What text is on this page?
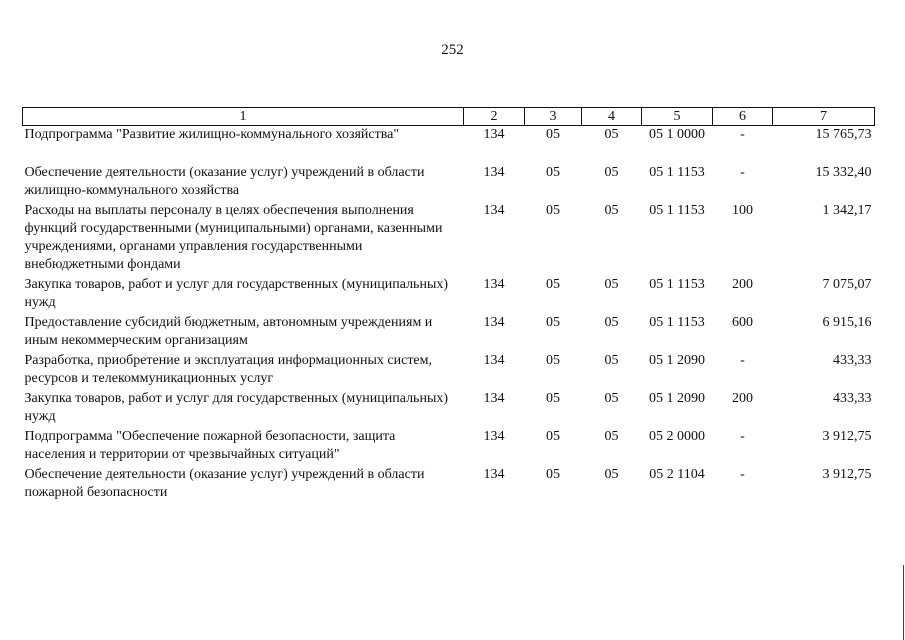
252
1	2	3	4	5	6	7
Подпрограмма "Развитие жилищно-коммунального хозяйства"	134	05	05	05 1 0000	-	15 765,73
Обеспечение деятельности (оказание услуг) учреждений в области жилищно-коммунального хозяйства	134	05	05	05 1 1153	-	15 332,40
Расходы на выплаты персоналу в целях обеспечения выполнения функций государственными (муниципальными) органами, казенными учреждениями, органами управления государственными внебюджетными фондами	134	05	05	05 1 1153	100	1 342,17
Закупка товаров, работ и услуг для государственных (муниципальных) нужд	134	05	05	05 1 1153	200	7 075,07
Предоставление субсидий бюджетным, автономным учреждениям и иным некоммерческим организациям	134	05	05	05 1 1153	600	6 915,16
Разработка, приобретение и эксплуатация информационных систем, ресурсов и телекоммуникационных услуг	134	05	05	05 1 2090	-	433,33
Закупка товаров, работ и услуг для государственных (муниципальных) нужд	134	05	05	05 1 2090	200	433,33
Подпрограмма "Обеспечение пожарной безопасности, защита населения и территории от чрезвычайных ситуаций"	134	05	05	05 2 0000	-	3 912,75
Обеспечение деятельности (оказание услуг) учреждений в области пожарной безопасности	134	05	05	05 2 1104	-	3 912,75
